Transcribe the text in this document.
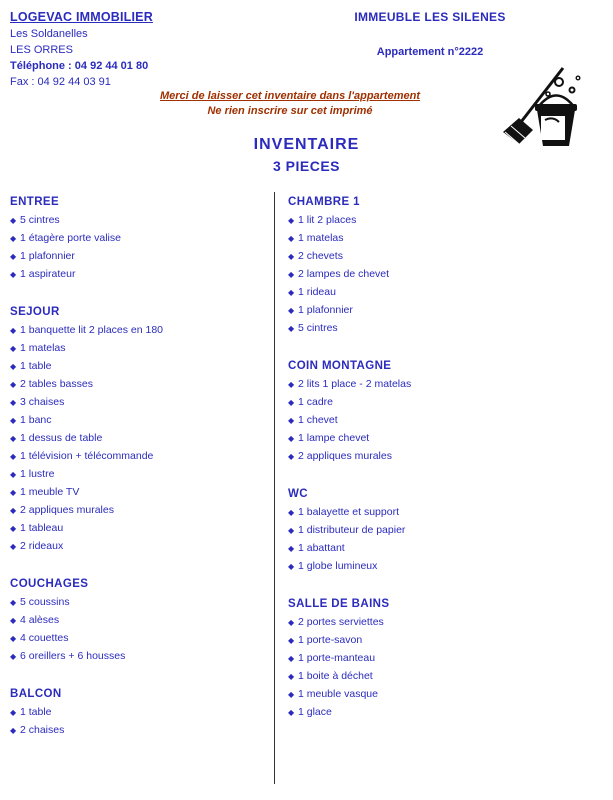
LOGEVAC IMMOBILIER
Les Soldanelles
LES ORRES
Téléphone : 04 92 44 01 80
Fax : 04 92 44 03 91
IMMEUBLE LES SILENES
Appartement n°2222
Merci de laisser cet inventaire dans l'appartement
Ne rien inscrire sur cet imprimé
INVENTAIRE
3 PIECES
ENTREE
◆ 5 cintres
◆ 1 étagère porte valise
◆ 1 plafonnier
◆ 1 aspirateur
SEJOUR
◆ 1 banquette lit 2 places en 180
◆ 1 matelas
◆ 1 table
◆ 2 tables basses
◆ 3 chaises
◆ 1 banc
◆ 1 dessus de table
◆ 1 télévision + télécommande
◆ 1 lustre
◆ 1 meuble TV
◆ 2 appliques murales
◆ 1 tableau
◆ 2 rideaux
COUCHAGES
◆ 5 coussins
◆ 4 alèses
◆ 4 couettes
◆ 6 oreillers + 6 housses
BALCON
◆ 1 table
◆ 2 chaises
CHAMBRE 1
◆ 1 lit 2 places
◆ 1 matelas
◆ 2 chevets
◆ 2 lampes de chevet
◆ 1 rideau
◆ 1 plafonnier
◆ 5 cintres
COIN MONTAGNE
◆ 2 lits 1 place - 2 matelas
◆ 1 cadre
◆ 1 chevet
◆ 1 lampe chevet
◆ 2 appliques murales
WC
◆ 1 balayette et support
◆ 1 distributeur de papier
◆ 1 abattant
◆ 1 globe lumineux
SALLE DE BAINS
◆ 2 portes serviettes
◆ 1 porte-savon
◆ 1 porte-manteau
◆ 1 boite à déchet
◆ 1 meuble vasque
◆ 1 glace
